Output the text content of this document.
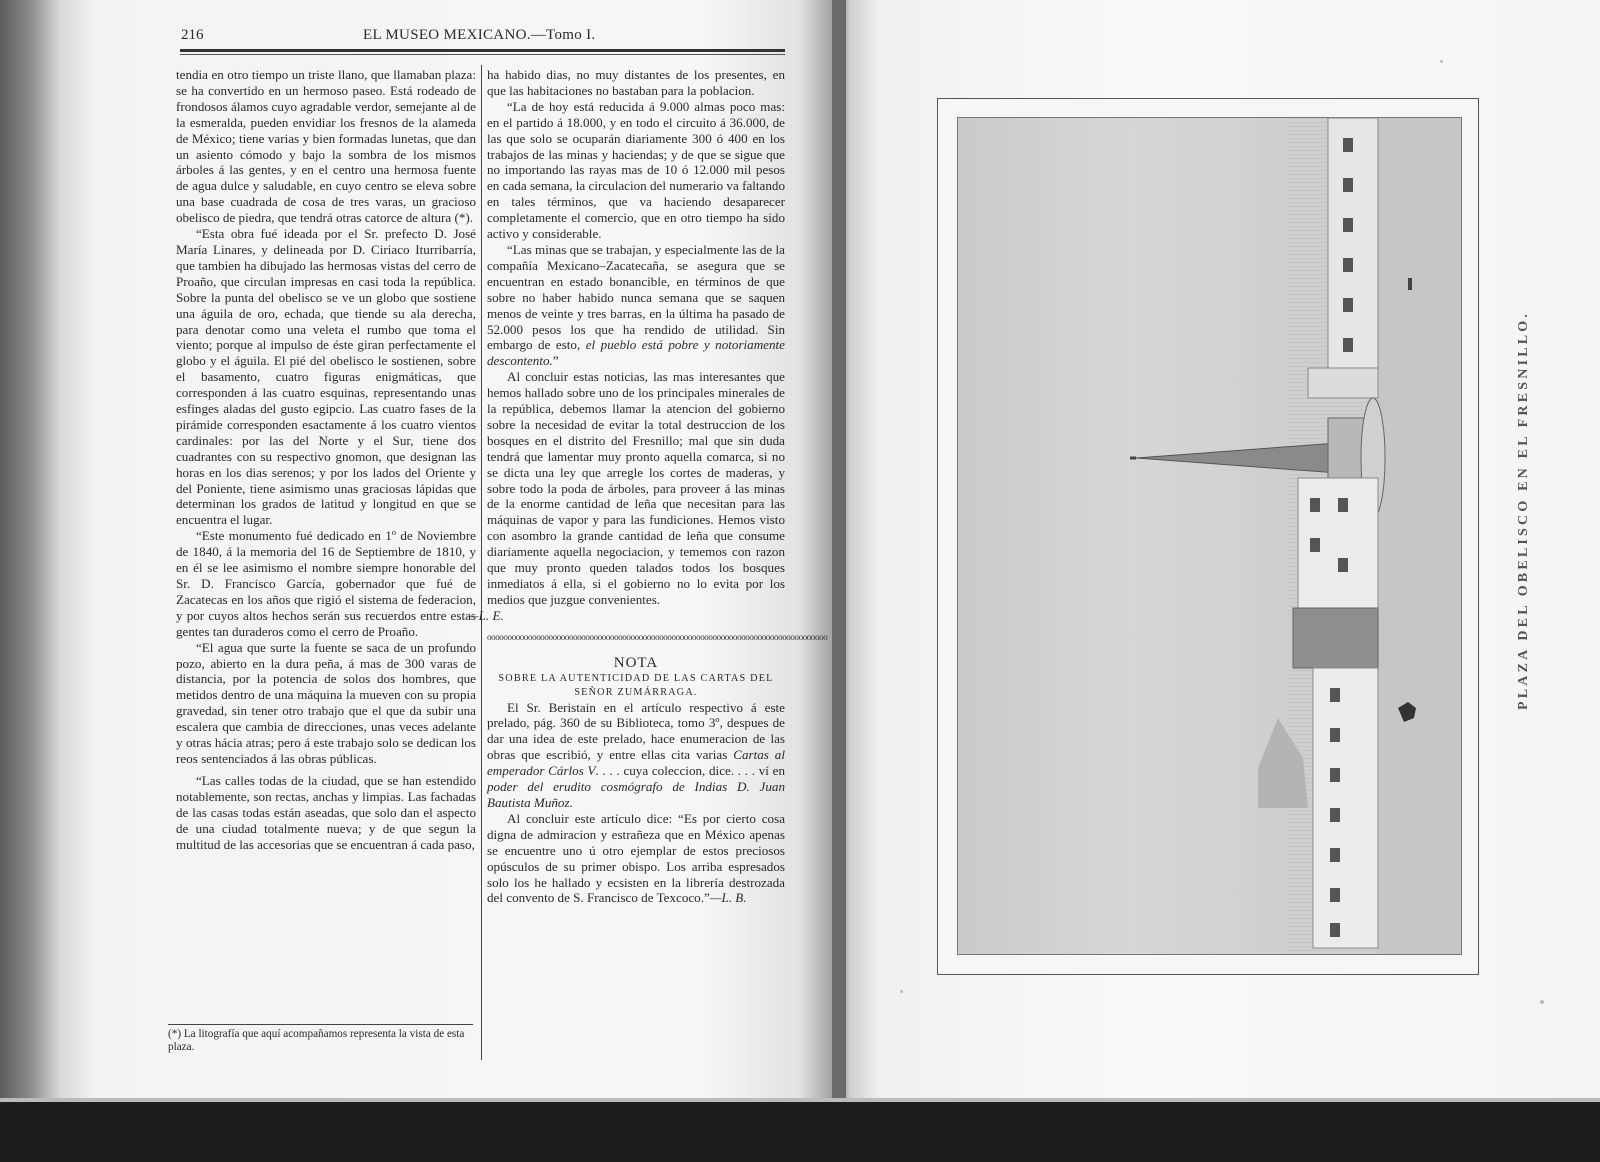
216	EL MUSEO MEXICANO.—Tomo I.

tendia en otro tiempo un triste llano, que llamaban plaza: se ha convertido en un hermoso paseo. Está rodeado de frondosos álamos cuyo agradable verdor, semejante al de la esmeralda, pueden envidiar los fresnos de la alameda de México; tiene varias y bien formadas lunetas, que dan un asiento cómodo y bajo la sombra de los mismos árboles á las gentes, y en el centro una hermosa fuente de agua dulce y saludable, en cuyo centro se eleva sobre una base cuadrada de cosa de tres varas, un gracioso obelisco de piedra, que tendrá otras catorce de altura (*).

“Esta obra fué ideada por el Sr. prefecto D. José María Linares, y delineada por D. Ciriaco Iturribarría, que tambien ha dibujado las hermosas vistas del cerro de Proaño, que circulan impresas en casi toda la república. Sobre la punta del obelisco se ve un globo que sostiene una águila de oro, echada, que tiende su ala derecha, para denotar como una veleta el rumbo que toma el viento; porque al impulso de éste giran perfectamente el globo y el águila. El pié del obelisco le sostienen, sobre el basamento, cuatro figuras enigmáticas, que corresponden á las cuatro esquinas, representando unas esfinges aladas del gusto egipcio. Las cuatro fases de la pirámide corresponden esactamente á los cuatro vientos cardinales: por las del Norte y el Sur, tiene dos cuadrantes con su respectivo gnomon, que designan las horas en los dias serenos; y por los lados del Oriente y del Poniente, tiene asimismo unas graciosas lápidas que determinan los grados de latitud y longitud en que se encuentra el lugar.

“Este monumento fué dedicado en 1º de Noviembre de 1840, á la memoria del 16 de Septiembre de 1810, y en él se lee asimismo el nombre siempre honorable del Sr. D. Francisco García, gobernador que fué de Zacatecas en los años que rigió el sistema de federacion, y por cuyos altos hechos serán sus recuerdos entre estas gentes tan duraderos como el cerro de Proaño.

“El agua que surte la fuente se saca de un profundo pozo, abierto en la dura peña, á mas de 300 varas de distancia, por la potencia de solos dos hombres, que metidos dentro de una máquina la mueven con su propia gravedad, sin tener otro trabajo que el que da subir una escalera que cambia de direcciones, unas veces adelante y otras hácia atras; pero á este trabajo solo se dedican los reos sentenciados á las obras públicas.

“Las calles todas de la ciudad, que se han estendido notablemente, son rectas, anchas y limpias. Las fachadas de las casas todas están aseadas, que solo dan el aspecto de una ciudad totalmente nueva; y de que segun la multitud de las accesorias que se encuentran á cada paso,

(*) La litografía que aquí acompañamos representa la vista de esta plaza.

ha habido dias, no muy distantes de los presentes, en que las habitaciones no bastaban para la poblacion.

“La de hoy está reducida á 9.000 almas poco mas: en el partido á 18.000, y en todo el circuito á 36.000, de las que solo se ocuparán diariamente 300 ó 400 en los trabajos de las minas y haciendas; y de que se sigue que no importando las rayas mas de 10 ó 12.000 mil pesos en cada semana, la circulacion del numerario va faltando en tales términos, que va haciendo desaparecer completamente el comercio, que en otro tiempo ha sido activo y considerable.

“Las minas que se trabajan, y especialmente las de la compañía Mexicano–Zacatecaña, se asegura que se encuentran en estado bonancible, en términos de que sobre no haber habido nunca semana que se saquen menos de veinte y tres barras, en la última ha pasado de 52.000 pesos los que ha rendido de utilidad. Sin embargo de esto, el pueblo está pobre y notoriamente descontento.”

Al concluir estas noticias, las mas interesantes que hemos hallado sobre uno de los principales minerales de la república, debemos llamar la atencion del gobierno sobre la necesidad de evitar la total destruccion de los bosques en el distrito del Fresnillo; mal que sin duda tendrá que lamentar muy pronto aquella comarca, si no se dicta una ley que arregle los cortes de maderas, y sobre todo la poda de árboles, para proveer á las minas de la enorme cantidad de leña que necesitan para las máquinas de vapor y para las fundiciones. Hemos visto con asombro la grande cantidad de leña que consume diariamente aquella negociacion, y tememos con razon que muy pronto queden talados todos los bosques inmediatos á ella, si el gobierno no lo evita por los medios que juzgue convenientes.
—L. E.

ooooooooooooooooooooooooooooooooooooooooooooooooooooooooooooooooooooooooooooooooooo

NOTA

SOBRE LA AUTENTICIDAD DE LAS CARTAS DEL SEÑOR ZUMÁRRAGA.

El Sr. Beristain en el artículo respectivo á este prelado, pág. 360 de su Biblioteca, tomo 3º, despues de dar una idea de este prelado, hace enumeracion de las obras que escribió, y entre ellas cita varias Cartas al emperador Cárlos V. . . . cuya coleccion, dice. . . . ví en poder del erudito cosmógrafo de Indias D. Juan Bautista Muñoz.

Al concluir este artículo dice: “Es por cierto cosa digna de admiracion y estrañeza que en México apenas se encuentre uno ú otro ejemplar de estos preciosos opúsculos de su primer obispo. Los arriba espresados solo los he hallado y ecsisten en la librería destrozada del convento de S. Francisco de Texcoco.”—L. B.

PLAZA DEL OBELISCO EN EL FRESNILLO.
